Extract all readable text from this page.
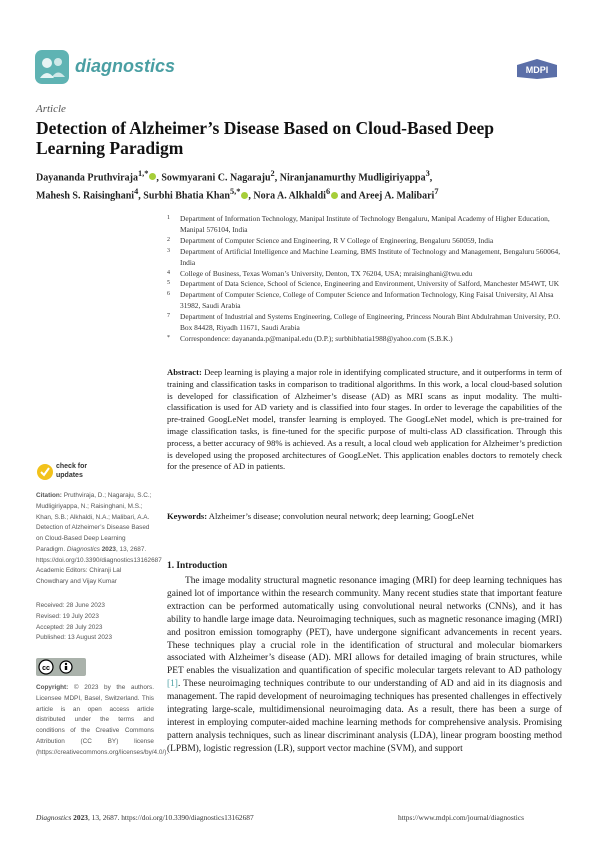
diagnostics	MDPI
Article
Detection of Alzheimer’s Disease Based on Cloud-Based Deep Learning Paradigm
Dayananda Pruthviraja$^{1,*}$ , Sowmyarani C. Nagaraju$^2$, Niranjanamurthy Mudligiriyappa$^3$,
Mahesh S. Raisinghani$^4$, Surbhi Bhatia Khan$^{5,*}$ , Nora A. Alkhaldi$^6$ and Areej A. Malibari$^7$
1 Department of Information Technology, Manipal Institute of Technology Bengaluru, Manipal Academy of Higher Education, Manipal 576104, India
2 Department of Computer Science and Engineering, R V College of Engineering, Bengaluru 560059, India
3 Department of Artificial Intelligence and Machine Learning, BMS Institute of Technology and Management, Bengaluru 560064, India
4 College of Business, Texas Woman’s University, Denton, TX 76204, USA; mraisinghani@twu.edu
5 Department of Data Science, School of Science, Engineering and Environment, University of Salford, Manchester M54WT, UK
6 Department of Computer Science, College of Computer Science and Information Technology, King Faisal University, Al Ahsa 31982, Saudi Arabia
7 Department of Industrial and Systems Engineering, College of Engineering, Princess Nourah Bint Abdulrahman University, P.O. Box 84428, Riyadh 11671, Saudi Arabia
* Correspondence: dayananda.p@manipal.edu (D.P.); surbhibhatia1988@yahoo.com (S.B.K.)
Abstract: Deep learning is playing a major role in identifying complicated structure, and it outperforms in term of training and classification tasks in comparison to traditional algorithms. In this work, a local cloud-based solution is developed for classification of Alzheimer’s disease (AD) as MRI scans as input modality. The multi-classification is used for AD variety and is classified into four stages. In order to leverage the capabilities of the pre-trained GoogLeNet model, transfer learning is employed. The GoogLeNet model, which is pre-trained for image classification tasks, is fine-tuned for the specific purpose of multi-class AD classification. Through this process, a better accuracy of 98% is achieved. As a result, a local cloud web application for Alzheimer’s prediction is developed using the proposed architectures of GoogLeNet. This application enables doctors to remotely check for the presence of AD in patients.
Keywords: Alzheimer’s disease; convolution neural network; deep learning; GoogLeNet
check for
updates
Citation: Pruthviraja, D.; Nagaraju, S.C.; Mudligiriyappa, N.; Raisinghani, M.S.; Khan, S.B.; Alkhaldi, N.A.; Malibari, A.A. Detection of Alzheimer’s Disease Based on Cloud-Based Deep Learning Paradigm. Diagnostics 2023, 13, 2687. https://doi.org/10.3390/diagnostics13162687
Academic Editors: Chiranji Lal Chowdhary and Vijay Kumar
Received: 28 June 2023
Revised: 19 July 2023
Accepted: 28 July 2023
Published: 13 August 2023
cc
Copyright: © 2023 by the authors. Licensee MDPI, Basel, Switzerland. This article is an open access article distributed under the terms and conditions of the Creative Commons Attribution (CC BY) license (https://creativecommons.org/licenses/by/4.0/).
1. Introduction

The image modality structural magnetic resonance imaging (MRI) for deep learning techniques has gained lot of importance within the research community. Many recent studies state that important feature extraction can be performed automatically using convolutional neural networks (CNNs), and it has ability to handle large image data. Neuroimaging techniques, such as magnetic resonance imaging (MRI) and positron emission tomography (PET), have undergone significant advancements in recent years. These techniques play a crucial role in the identification of structural and molecular biomarkers associated with Alzheimer’s disease (AD). MRI allows for detailed imaging of brain structures, while PET enables the visualization and quantification of specific molecular targets relevant to AD pathology [1]. These neuroimaging techniques contribute to our understanding of AD and aid in its diagnosis and management. The rapid development of neuroimaging techniques has presented challenges in effectively integrating large-scale, multidimensional neuroimaging data. As a result, there has been a surge of interest in employing computer-aided machine learning methods for comprehensive analysis. Promising pattern analysis techniques, such as linear discriminant analysis (LDA), linear program boosting method (LPBM), logistic regression (LR), support vector machine (SVM), and support

Diagnostics 2023, 13, 2687. https://doi.org/10.3390/diagnostics13162687	https://www.mdpi.com/journal/diagnostics
